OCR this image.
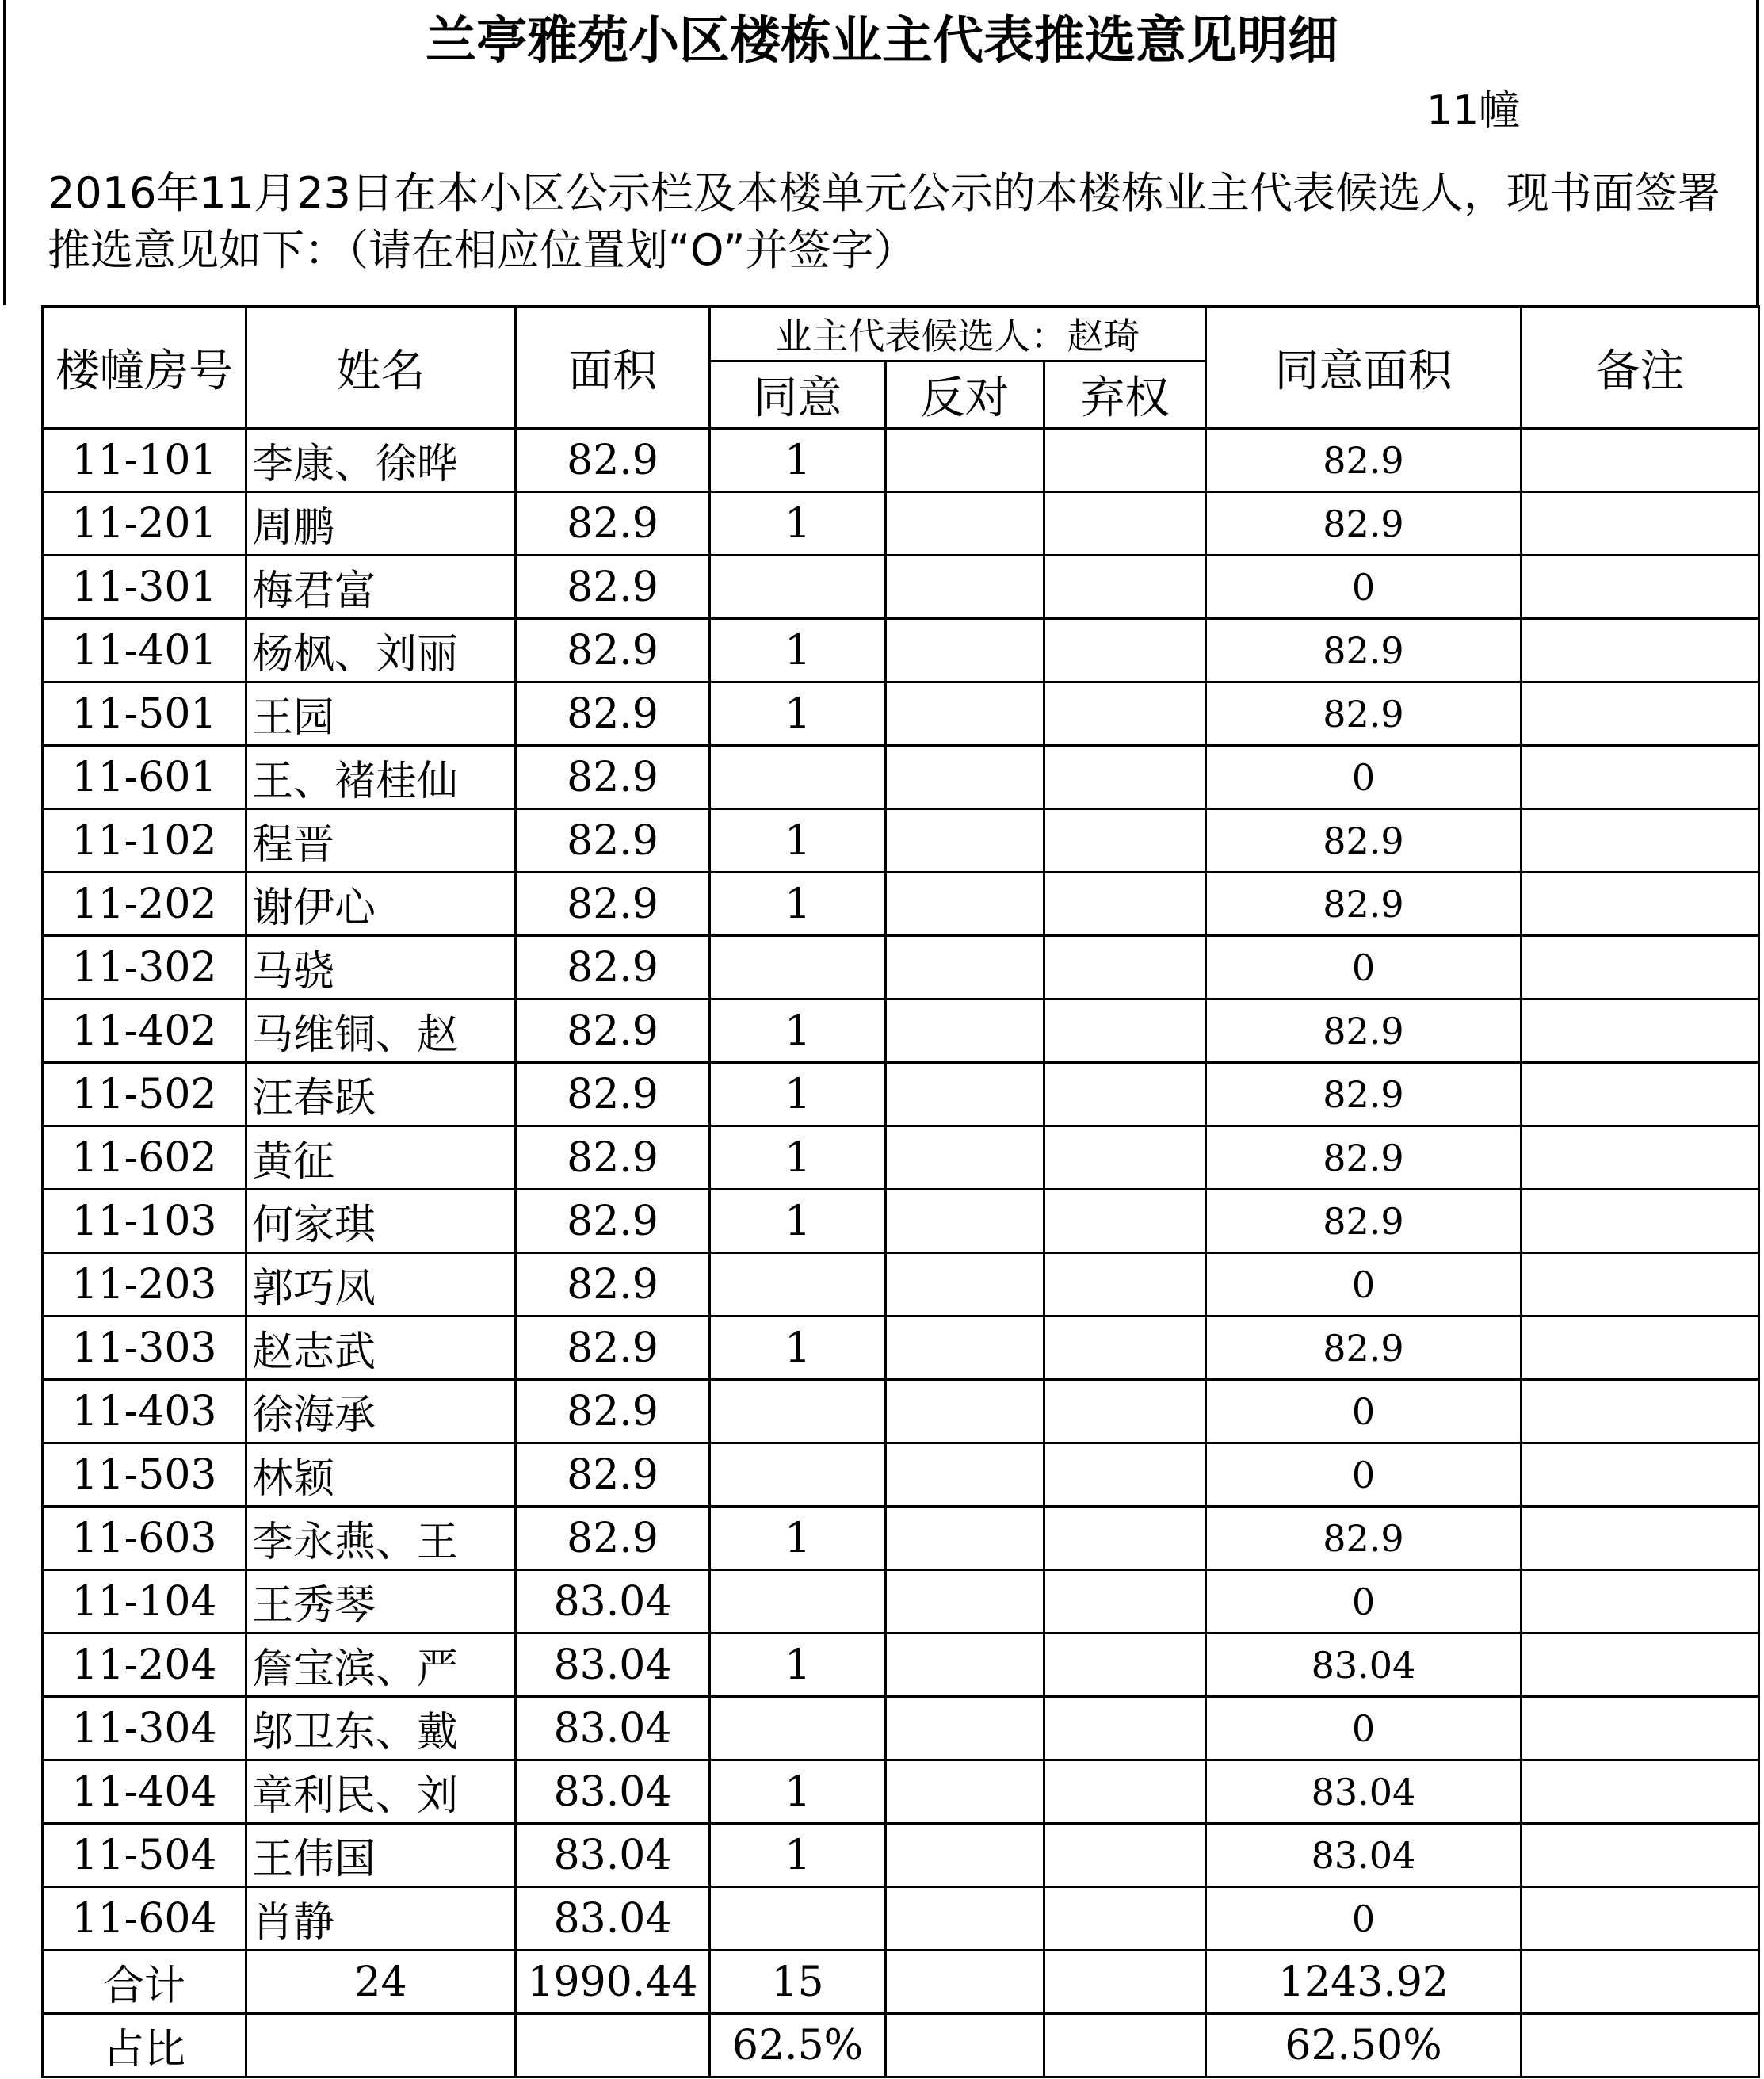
兰亭雅苑小区楼栋业主代表推选意见明细
11幢
2016年11月23日在本小区公示栏及本楼单元公示的本楼栋业主代表候选人，现书面签署推选意见如下：（请在相应位置划“O”并签字）
楼幢房号	姓名	面积	业主代表候选人：赵琦			同意面积	备注
			同意	反对	弃权		
11-101	李康、徐晔	82.9	1			82.9	
11-201	周鹏	82.9	1			82.9	
11-301	梅君富	82.9				0	
11-401	杨枫、刘丽	82.9	1			82.9	
11-501	王园	82.9	1			82.9	
11-601	王、褚桂仙	82.9				0	
11-102	程晋	82.9	1			82.9	
11-202	谢伊心	82.9	1			82.9	
11-302	马骁	82.9				0	
11-402	马维铜、赵	82.9	1			82.9	
11-502	汪春跃	82.9	1			82.9	
11-602	黄征	82.9	1			82.9	
11-103	何家琪	82.9	1			82.9	
11-203	郭巧凤	82.9				0	
11-303	赵志武	82.9	1			82.9	
11-403	徐海承	82.9				0	
11-503	林颖	82.9				0	
11-603	李永燕、王	82.9	1			82.9	
11-104	王秀琴	83.04				0	
11-204	詹宝滨、严	83.04	1			83.04	
11-304	邬卫东、戴	83.04				0	
11-404	章利民、刘	83.04	1			83.04	
11-504	王伟国	83.04	1			83.04	
11-604	肖静	83.04				0	
合计	24	1990.44	15			1243.92	
占比			62.5%			62.50%	
